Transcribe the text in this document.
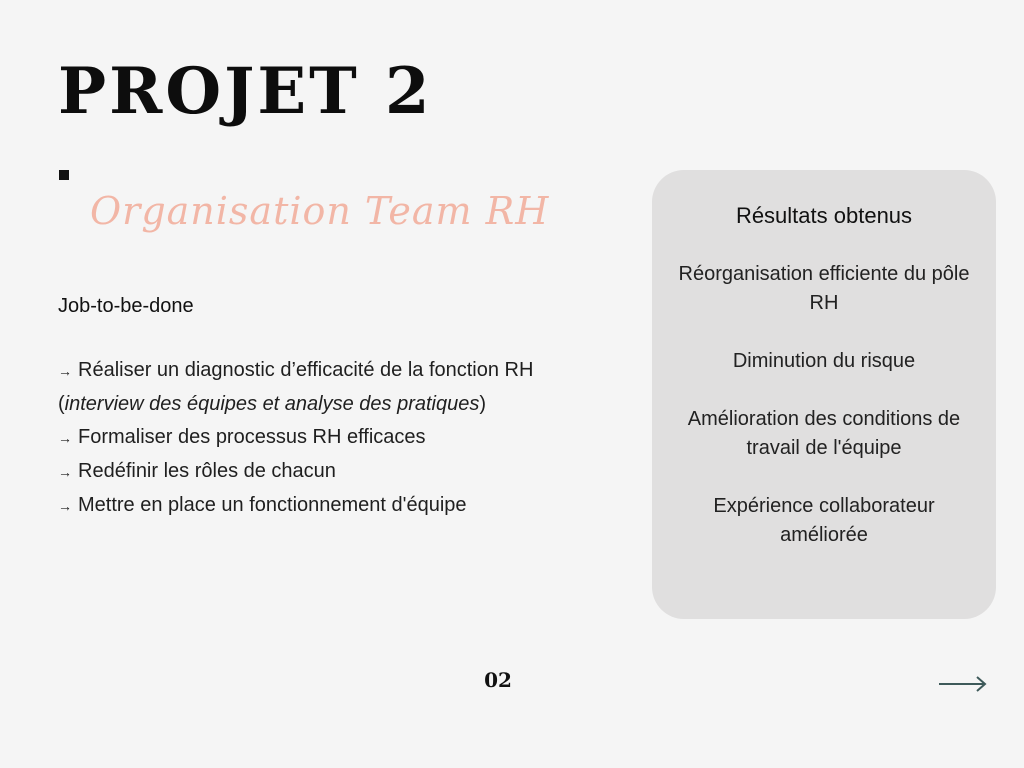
PROJET 2
Organisation Team RH
Job-to-be-done
→ Réaliser un diagnostic d’efficacité de la fonction RH (interview des équipes et analyse des pratiques)
→ Formaliser des processus RH efficaces
→ Redéfinir les rôles de chacun
→ Mettre en place un fonctionnement d'équipe
Résultats obtenus
Réorganisation efficiente du pôle RH
Diminution du risque
Amélioration des conditions de travail de l'équipe
Expérience collaborateur améliorée
02
